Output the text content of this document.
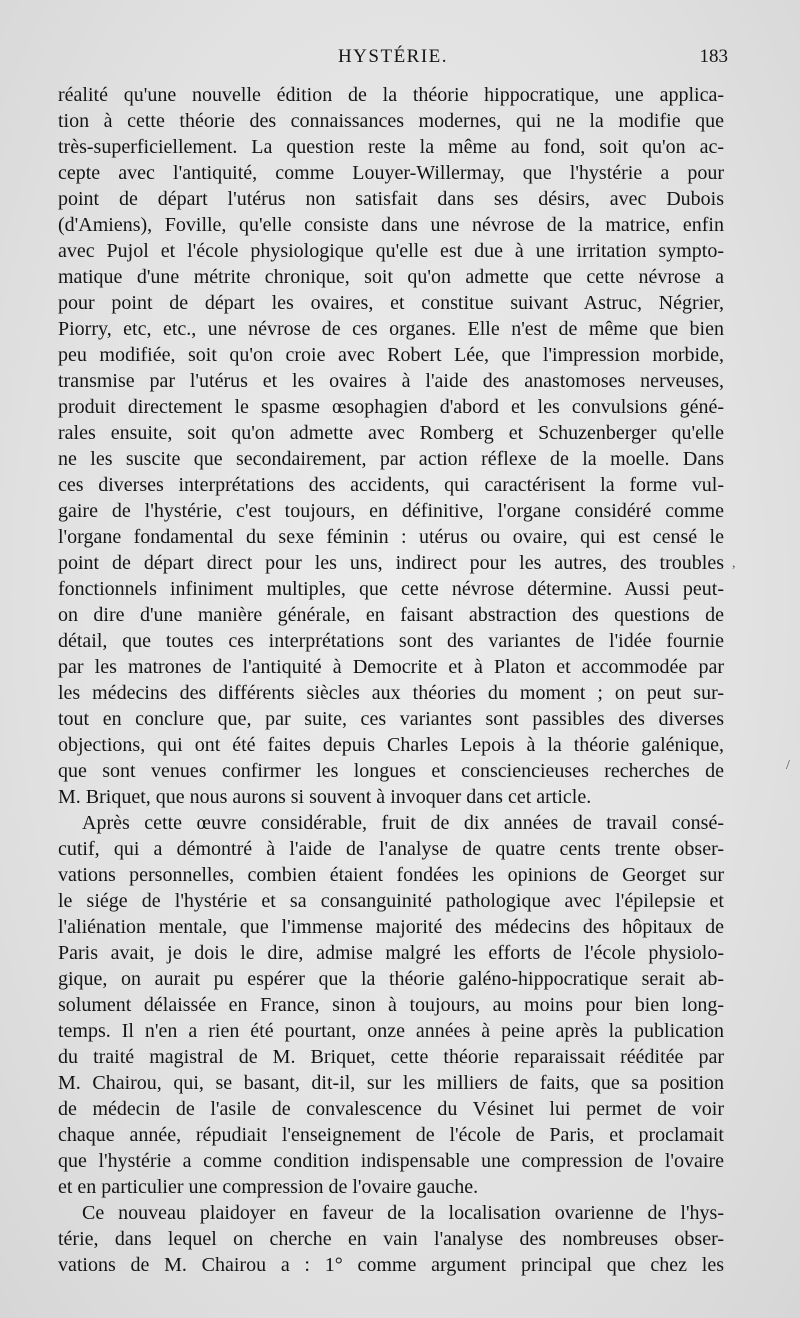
HYSTÉRIE.	183
réalité qu'une nouvelle édition de la théorie hippocratique, une applica-
tion à cette théorie des connaissances modernes, qui ne la modifie que
très-superficiellement. La question reste la même au fond, soit qu'on ac-
cepte avec l'antiquité, comme Louyer-Willermay, que l'hystérie a pour
point de départ l'utérus non satisfait dans ses désirs, avec Dubois
(d'Amiens), Foville, qu'elle consiste dans une névrose de la matrice, enfin
avec Pujol et l'école physiologique qu'elle est due à une irritation sympto-
matique d'une métrite chronique, soit qu'on admette que cette névrose a
pour point de départ les ovaires, et constitue suivant Astruc, Négrier,
Piorry, etc, etc., une névrose de ces organes. Elle n'est de même que bien
peu modifiée, soit qu'on croie avec Robert Lée, que l'impression morbide,
transmise par l'utérus et les ovaires à l'aide des anastomoses nerveuses,
produit directement le spasme œsophagien d'abord et les convulsions géné-
rales ensuite, soit qu'on admette avec Romberg et Schuzenberger qu'elle
ne les suscite que secondairement, par action réflexe de la moelle. Dans
ces diverses interprétations des accidents, qui caractérisent la forme vul-
gaire de l'hystérie, c'est toujours, en définitive, l'organe considéré comme
l'organe fondamental du sexe féminin : utérus ou ovaire, qui est censé le
point de départ direct pour les uns, indirect pour les autres, des troubles
fonctionnels infiniment multiples, que cette névrose détermine. Aussi peut-
on dire d'une manière générale, en faisant abstraction des questions de
détail, que toutes ces interprétations sont des variantes de l'idée fournie
par les matrones de l'antiquité à Democrite et à Platon et accommodée par
les médecins des différents siècles aux théories du moment ; on peut sur-
tout en conclure que, par suite, ces variantes sont passibles des diverses
objections, qui ont été faites depuis Charles Lepois à la théorie galénique,
que sont venues confirmer les longues et consciencieuses recherches de
M. Briquet, que nous aurons si souvent à invoquer dans cet article.
Après cette œuvre considérable, fruit de dix années de travail consé-
cutif, qui a démontré à l'aide de l'analyse de quatre cents trente obser-
vations personnelles, combien étaient fondées les opinions de Georget sur
le siége de l'hystérie et sa consanguinité pathologique avec l'épilepsie et
l'aliénation mentale, que l'immense majorité des médecins des hôpitaux de
Paris avait, je dois le dire, admise malgré les efforts de l'école physiolo-
gique, on aurait pu espérer que la théorie galéno-hippocratique serait ab-
solument délaissée en France, sinon à toujours, au moins pour bien long-
temps. Il n'en a rien été pourtant, onze années à peine après la publication
du traité magistral de M. Briquet, cette théorie reparaissait rééditée par
M. Chairou, qui, se basant, dit-il, sur les milliers de faits, que sa position
de médecin de l'asile de convalescence du Vésinet lui permet de voir
chaque année, répudiait l'enseignement de l'école de Paris, et proclamait
que l'hystérie a comme condition indispensable une compression de l'ovaire
et en particulier une compression de l'ovaire gauche.
Ce nouveau plaidoyer en faveur de la localisation ovarienne de l'hys-
térie, dans lequel on cherche en vain l'analyse des nombreuses obser-
vations de M. Chairou a : 1° comme argument principal que chez les
,
/
